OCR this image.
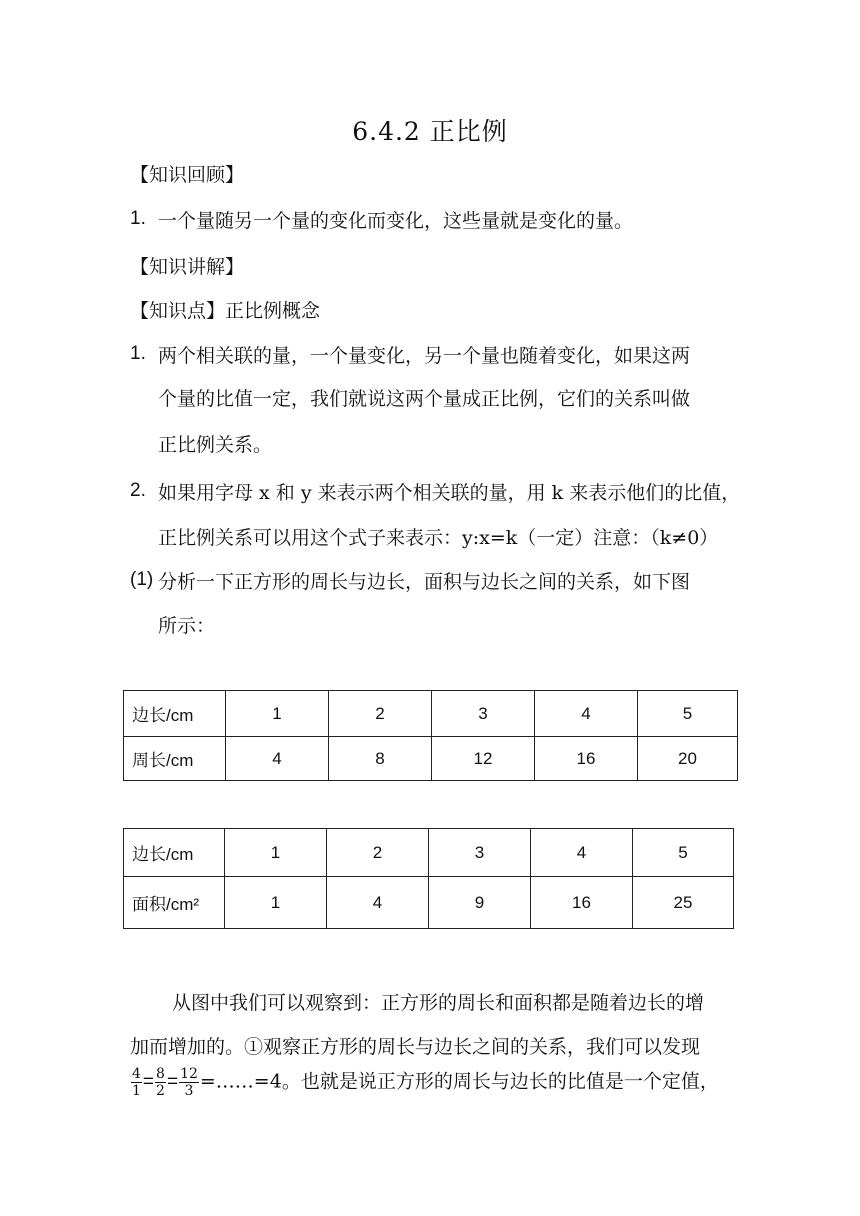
6.4.2 正比例
【知识回顾】
1. 一个量随另一个量的变化而变化，这些量就是变化的量。
【知识讲解】
【知识点】正比例概念
1. 两个相关联的量，一个量变化，另一个量也随着变化，如果这两
个量的比值一定，我们就说这两个量成正比例，它们的关系叫做
正比例关系。
2. 如果用字母 x 和 y 来表示两个相关联的量，用 k 来表示他们的比值，
正比例关系可以用这个式子来表示：y:x=k（一定）注意：（k≠0）
(1) 分析一下正方形的周长与边长，面积与边长之间的关系，如下图
所示：
边长/cm	1	2	3	4	5
周长/cm	4	8	12	16	20
边长/cm	1	2	3	4	5
面积/cm²	1	4	9	16	25
从图中我们可以观察到：正方形的周长和面积都是随着边长的增
加而增加的。①观察正方形的周长与边长之间的关系，我们可以发现
$\frac{4}{1} = \frac{8}{2} = \frac{12}{3}$ =……=4。也就是说正方形的周长与边长的比值是一个定值，
